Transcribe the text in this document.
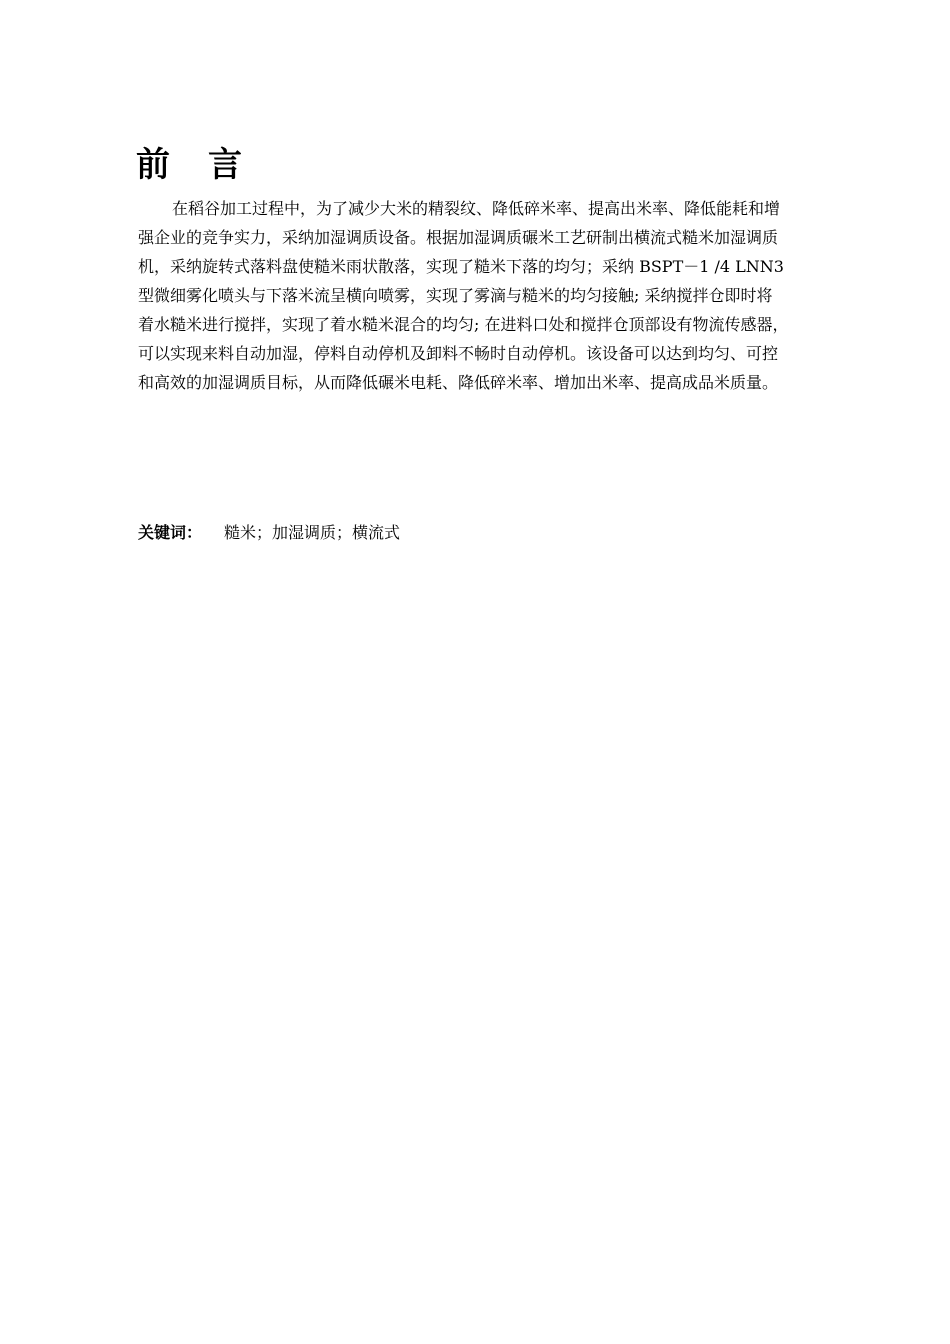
前言
在稻谷加工过程中，为了减少大米的精裂纹、降低碎米率、提高出米率、降低能耗和增
强企业的竞争实力，采纳加湿调质设备。根据加湿调质碾米工艺研制出横流式糙米加湿调质
机，采纳旋转式落料盘使糙米雨状散落，实现了糙米下落的均匀；采纳 BSPT－1 /4 LNN3
型微细雾化喷头与下落米流呈横向喷雾，实现了雾滴与糙米的均匀接触; 采纳搅拌仓即时将
着水糙米进行搅拌，实现了着水糙米混合的均匀; 在进料口处和搅拌仓顶部设有物流传感器，
可以实现来料自动加湿，停料自动停机及卸料不畅时自动停机。该设备可以达到均匀、可控
和高效的加湿调质目标，从而降低碾米电耗、降低碎米率、增加出米率、提高成品米质量。
关键词： 糙米；加湿调质；横流式
